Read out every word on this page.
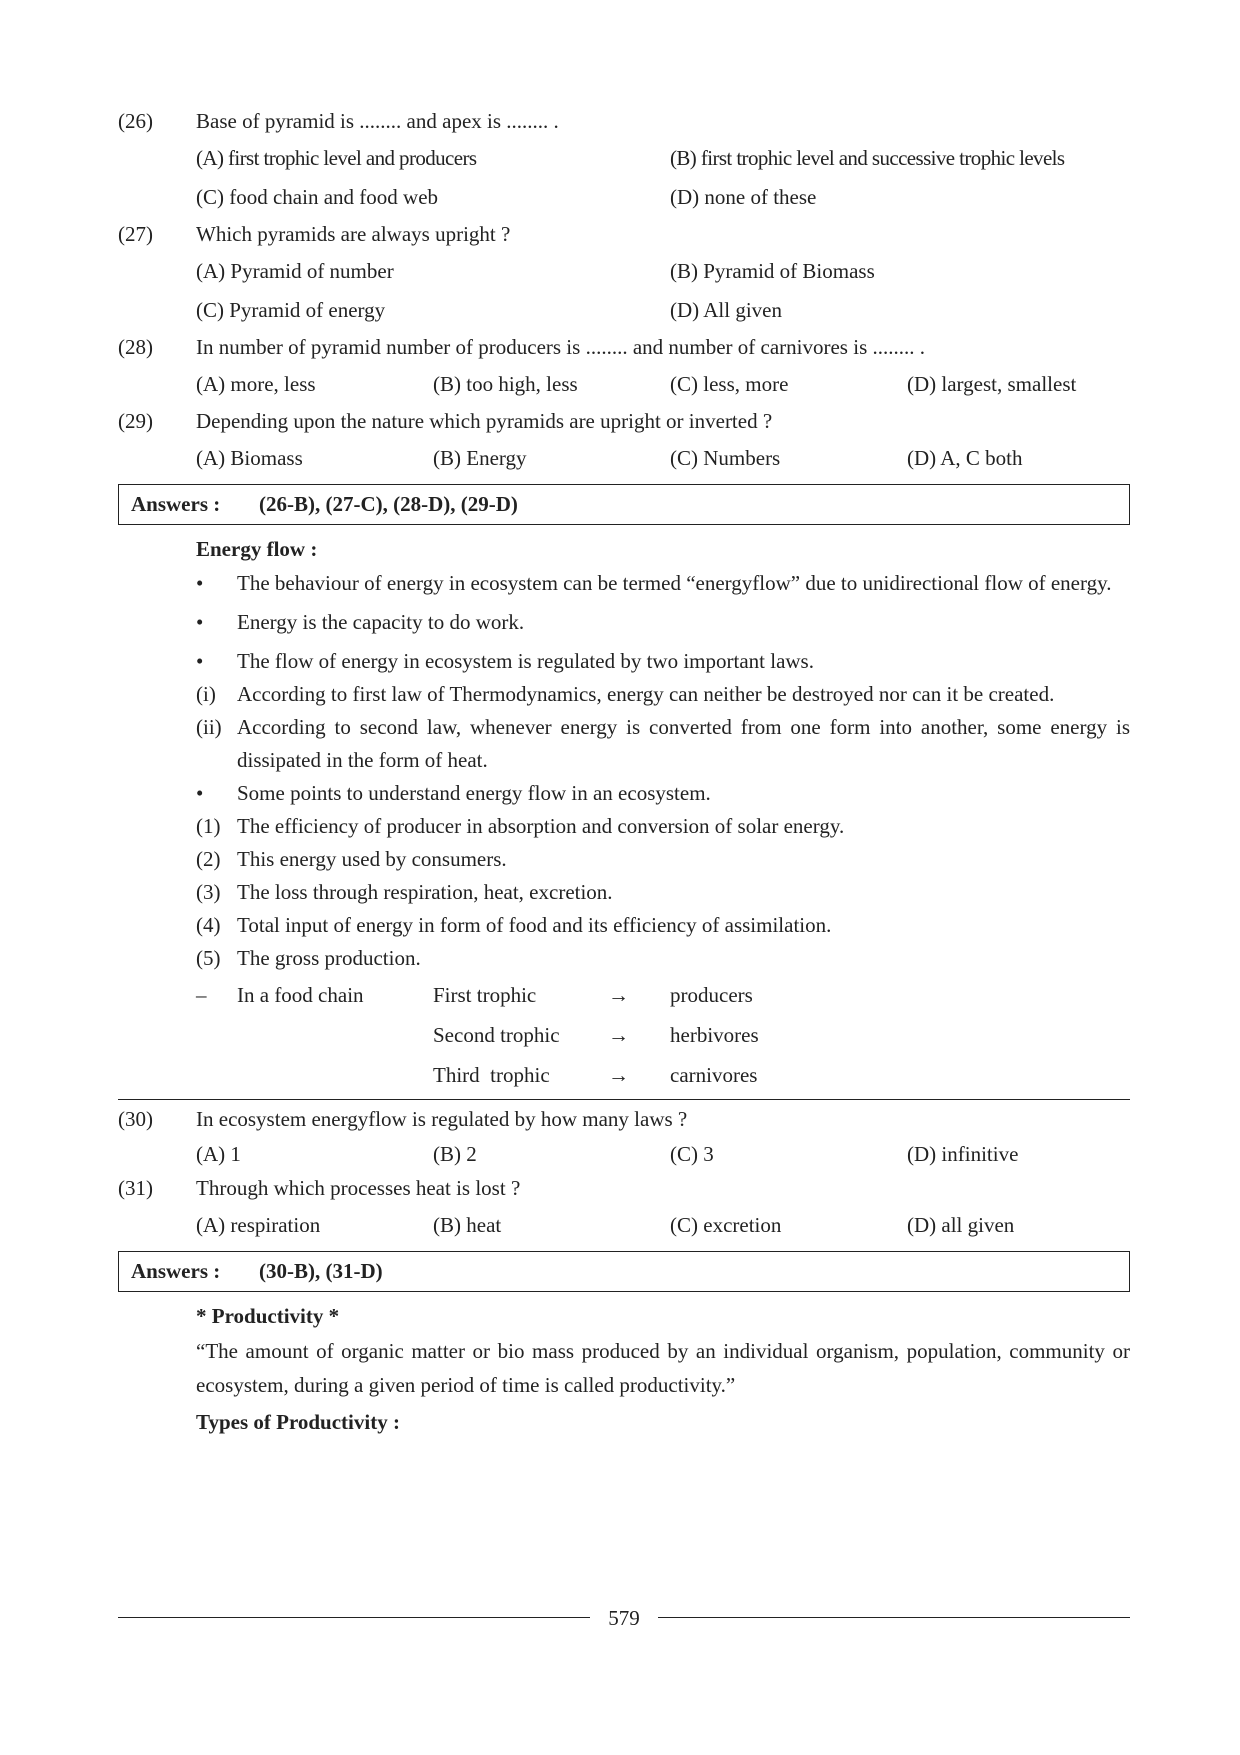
(26) Base of pyramid is ........ and apex is ........ .
(A) first trophic level and producers	(B) first trophic level and successive trophic levels
(C) food chain and food web	(D) none of these
(27) Which pyramids are always upright ?
(A) Pyramid of number	(B) Pyramid of Biomass
(C) Pyramid of energy	(D) All given
(28) In number of pyramid number of producers is ........ and number of carnivores is ........ .
(A) more, less	(B) too high, less	(C) less, more	(D) largest, smallest
(29) Depending upon the nature which pyramids are upright or inverted ?
(A) Biomass	(B) Energy	(C) Numbers	(D) A, C both
Answers : (26-B), (27-C), (28-D), (29-D)
Energy flow :
• The behaviour of energy in ecosystem can be termed “energyflow” due to unidirectional flow of energy.
• Energy is the capacity to do work.
• The flow of energy in ecosystem is regulated by two important laws.
(i) According to first law of Thermodynamics, energy can neither be destroyed nor can it be created.
(ii) According to second law, whenever energy is converted from one form into another, some energy is dissipated in the form of heat.
• Some points to understand energy flow in an ecosystem.
(1) The efficiency of producer in absorption and conversion of solar energy.
(2) This energy used by consumers.
(3) The loss through respiration, heat, excretion.
(4) Total input of energy in form of food and its efficiency of assimilation.
(5) The gross production.
– In a food chain	First trophic	→ producers
Second trophic → herbivores
Third  trophic	→ carnivores
(30) In ecosystem energyflow is regulated by how many laws ?
(A) 1	(B) 2	(C) 3	(D) infinitive
(31) Through which processes heat is lost ?
(A) respiration	(B) heat	(C) excretion	(D) all given
Answers : (30-B), (31-D)
* Productivity *
“The amount of organic matter or bio mass produced by an individual organism, population, community or ecosystem, during a given period of time is called productivity.”
Types of Productivity :
579
